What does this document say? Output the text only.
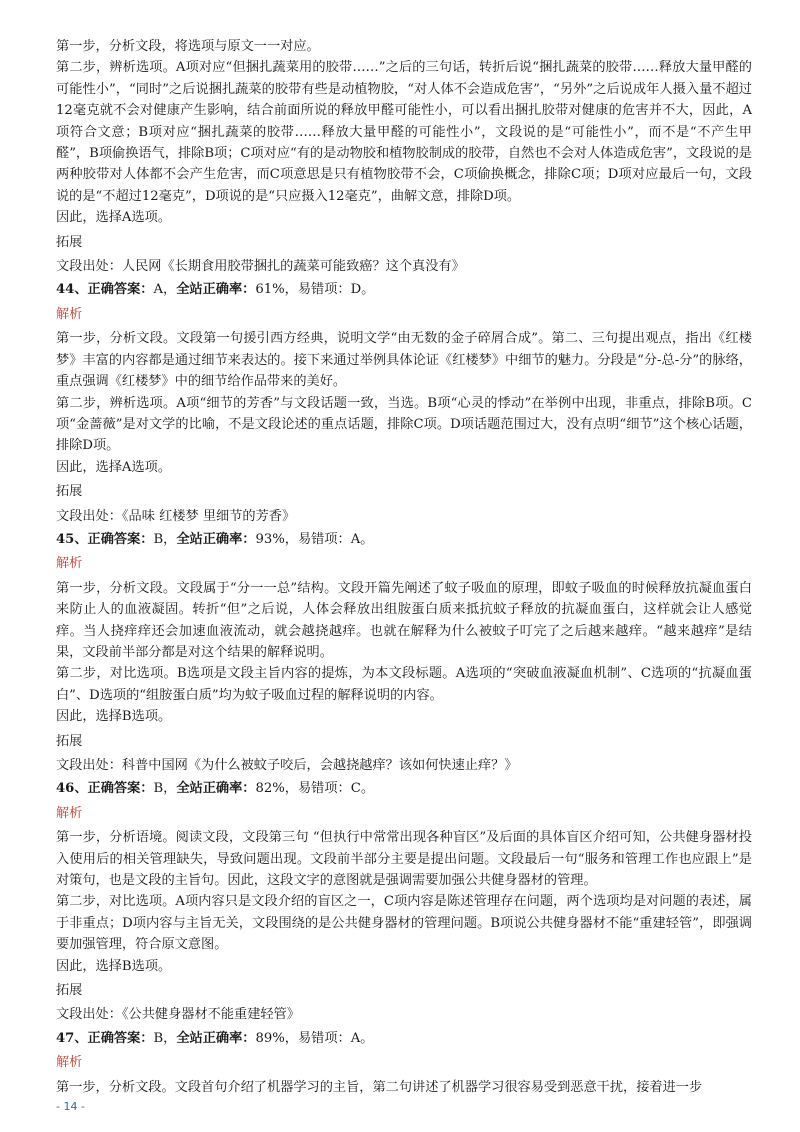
第一步，分析文段，将选项与原文一一对应。

第二步，辨析选项。A项对应“但捆扎蔬菜用的胶带……”之后的三句话，转折后说“捆扎蔬菜的胶带……释放大量甲醛的可能性小”，“同时”之后说捆扎蔬菜的胶带有些是动植物胶，“对人体不会造成危害”，“另外”之后说成年人摄入量不超过12毫克就不会对健康产生影响，结合前面所说的释放甲醛可能性小，可以看出捆扎胶带对健康的危害并不大，因此，A项符合文意；B项对应“捆扎蔬菜的胶带……释放大量甲醛的可能性小”，文段说的是“可能性小”，而不是“不产生甲醛”，B项偷换语气，排除B项；C项对应“有的是动物胶和植物胶制成的胶带，自然也不会对人体造成危害”，文段说的是两种胶带对人体都不会产生危害，而C项意思是只有植物胶带不会，C项偷换概念，排除C项；D项对应最后一句，文段说的是“不超过12毫克”，D项说的是“只应摄入12毫克”，曲解文意，排除D项。

因此，选择A选项。

拓展

文段出处：人民网《长期食用胶带捆扎的蔬菜可能致癌？这个真没有》

44、正确答案：A，全站正确率：61%，易错项：D。

解析

第一步，分析文段。文段第一句援引西方经典，说明文学“由无数的金子碎屑合成”。第二、三句提出观点，指出《红楼梦》丰富的内容都是通过细节来表达的。接下来通过举例具体论证《红楼梦》中细节的魅力。分段是“分-总-分”的脉络，重点强调《红楼梦》中的细节给作品带来的美好。

第二步，辨析选项。A项“细节的芳香”与文段话题一致，当选。B项“心灵的悸动”在举例中出现，非重点，排除B项。C项“金蔷薇”是对文学的比喻，不是文段论述的重点话题，排除C项。D项话题范围过大，没有点明“细节”这个核心话题，排除D项。

因此，选择A选项。

拓展

文段出处：《品味 红楼梦 里细节的芳香》

45、正确答案：B，全站正确率：93%，易错项：A。

解析

第一步，分析文段。文段属于“分一一总”结构。文段开篇先阐述了蚊子吸血的原理，即蚊子吸血的时候释放抗凝血蛋白来防止人的血液凝固。转折“但”之后说，人体会释放出组胺蛋白质来抵抗蚊子释放的抗凝血蛋白，这样就会让人感觉痒。当人挠痒痒还会加速血液流动，就会越挠越痒。也就在解释为什么被蚊子叮完了之后越来越痒。“越来越痒”是结果，文段前半部分都是对这个结果的解释说明。

第二步，对比选项。B选项是文段主旨内容的提炼，为本文段标题。A选项的“突破血液凝血机制”、C选项的“抗凝血蛋白”、D选项的“组胺蛋白质”均为蚊子吸血过程的解释说明的内容。

因此，选择B选项。

拓展

文段出处：科普中国网《为什么被蚊子咬后，会越挠越痒？该如何快速止痒？》

46、正确答案：B，全站正确率：82%，易错项：C。

解析

第一步，分析语境。阅读文段，文段第三句 “但执行中常常出现各种盲区”及后面的具体盲区介绍可知，公共健身器材投入使用后的相关管理缺失，导致问题出现。文段前半部分主要是提出问题。文段最后一句“服务和管理工作也应跟上”是对策句，也是文段的主旨句。因此，这段文字的意图就是强调需要加强公共健身器材的管理。

第二步，对比选项。A项内容只是文段介绍的盲区之一，C项内容是陈述管理存在问题，两个选项均是对问题的表述，属于非重点；D项内容与主旨无关，文段围绕的是公共健身器材的管理问题。B项说公共健身器材不能“重建轻管”，即强调要加强管理，符合原文意图。

因此，选择B选项。

拓展

文段出处：《公共健身器材不能重建轻管》

47、正确答案：B，全站正确率：89%，易错项：A。

解析

第一步，分析文段。文段首句介绍了机器学习的主旨，第二句讲述了机器学习很容易受到恶意干扰，接着进一步

- 14 -
